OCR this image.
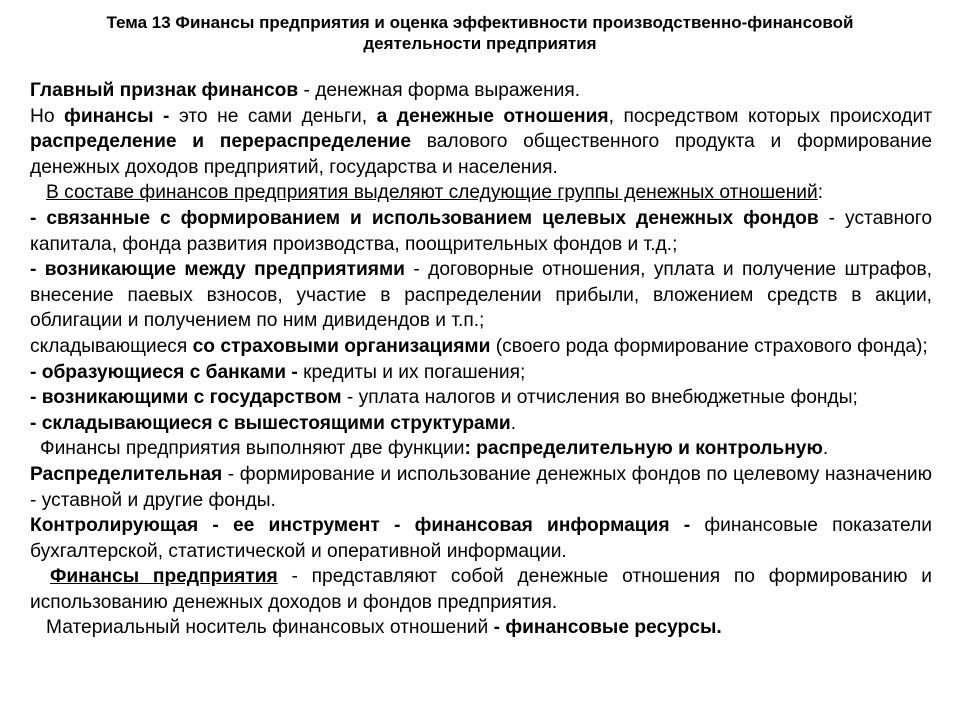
Тема 13 Финансы предприятия и оценка эффективности производственно-финансовой
деятельности предприятия

Главный признак финансов - денежная форма выражения.

Но финансы - это не сами деньги, а денежные отношения, посредством которых происходит распределение и перераспределение валового общественного продукта и формирование денежных доходов предприятий, государства и населения.

В составе финансов предприятия выделяют следующие группы денежных отношений:

- связанные с формированием и использованием целевых денежных фондов - уставного капитала, фонда развития производства, поощрительных фондов и т.д.;

- возникающие между предприятиями - договорные отношения, уплата и получение штрафов, внесение паевых взносов, участие в распределении прибыли, вложением средств в акции, облигации и получением по ним дивидендов и т.п.;

складывающиеся со страховыми организациями (своего рода формирование страхового фонда);

- образующиеся с банками - кредиты и их погашения;

- возникающими с государством - уплата налогов и отчисления во внебюджетные фонды;

- складывающиеся с вышестоящими структурами.

Финансы предприятия выполняют две функции: распределительную и контрольную.

Распределительная - формирование и использование денежных фондов по целевому назначению - уставной и другие фонды.

Контролирующая - ее инструмент - финансовая информация - финансовые показатели бухгалтерской, статистической и оперативной информации.

Финансы предприятия - представляют собой денежные отношения по формированию и использованию денежных доходов и фондов предприятия.

Материальный носитель финансовых отношений - финансовые ресурсы.
